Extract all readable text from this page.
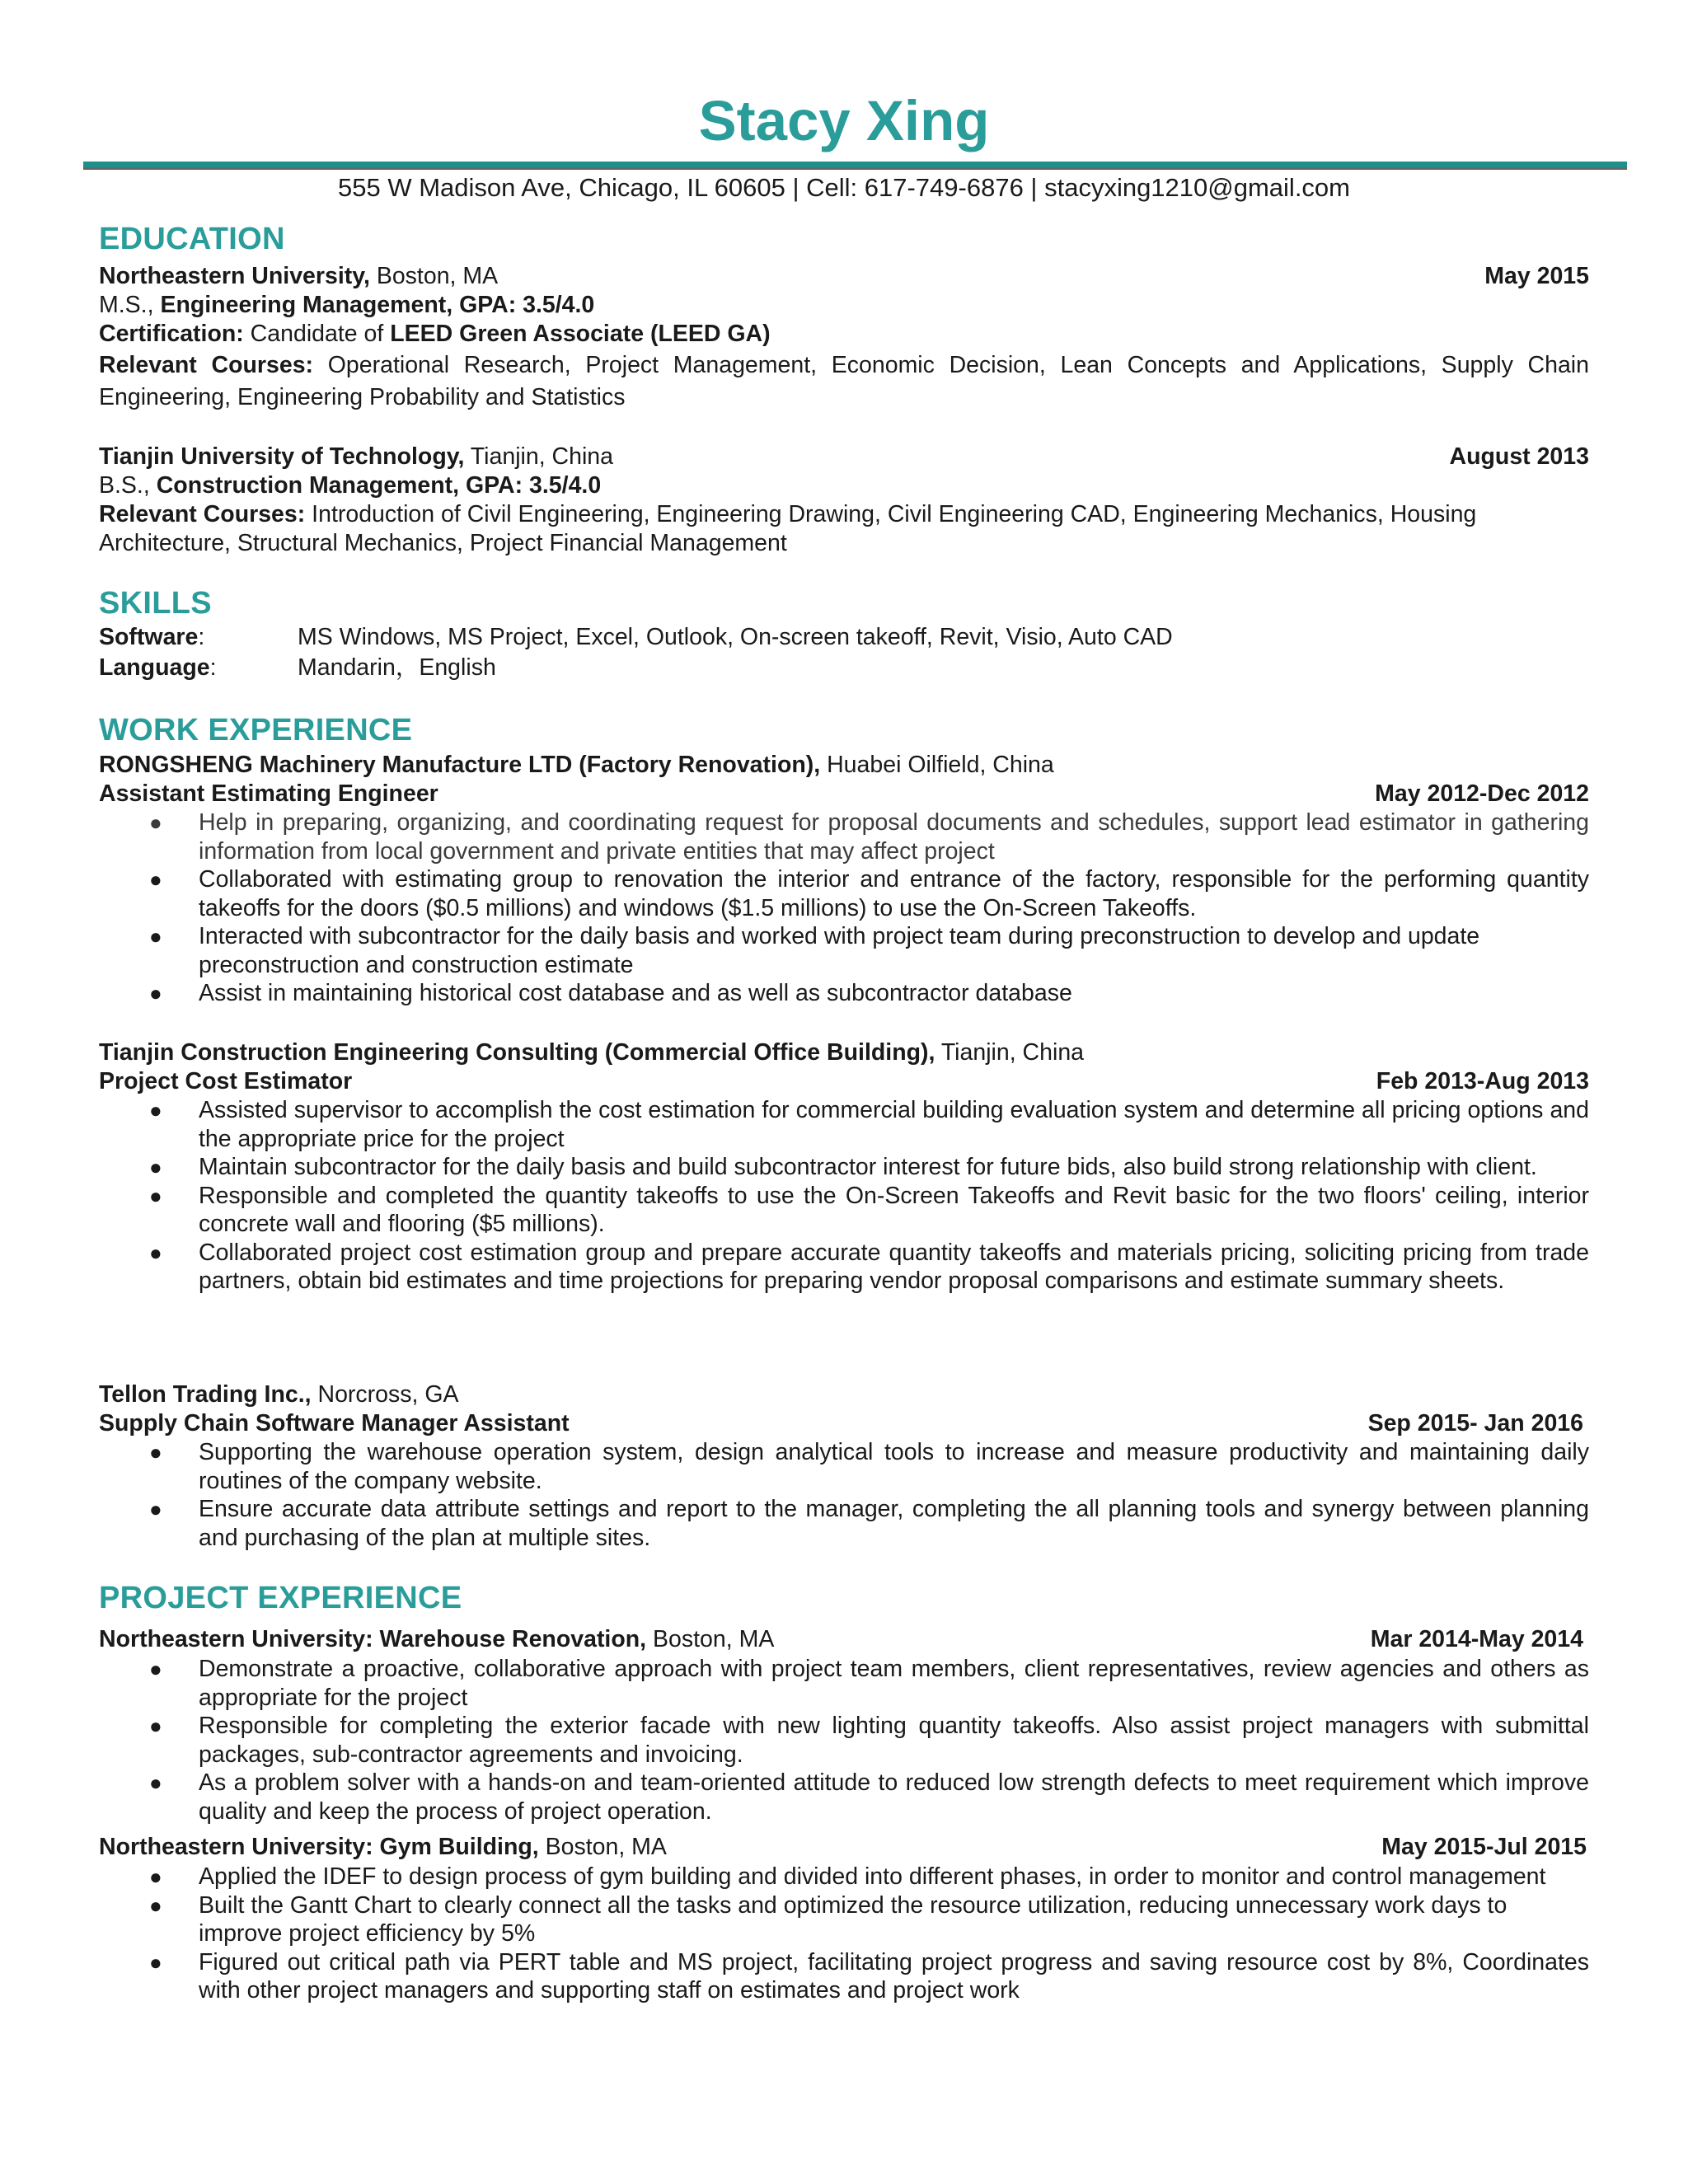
Stacy Xing
555 W Madison Ave, Chicago, IL 60605 | Cell: 617-749-6876 | stacyxing1210@gmail.com
EDUCATION
Northeastern University, Boston, MA	May 2015
M.S., Engineering Management, GPA: 3.5/4.0
Certification: Candidate of LEED Green Associate (LEED GA)
Relevant Courses: Operational Research, Project Management, Economic Decision, Lean Concepts and Applications, Supply Chain Engineering, Engineering Probability and Statistics
Tianjin University of Technology, Tianjin, China	August 2013
B.S., Construction Management, GPA: 3.5/4.0
Relevant Courses: Introduction of Civil Engineering, Engineering Drawing, Civil Engineering CAD, Engineering Mechanics, Housing
Architecture, Structural Mechanics, Project Financial Management
SKILLS
Software:	MS Windows, MS Project, Excel, Outlook, On-screen takeoff, Revit, Visio, Auto CAD
Language:	Mandarin，English
WORK EXPERIENCE
RONGSHENG Machinery Manufacture LTD (Factory Renovation), Huabei Oilfield, China
Assistant Estimating Engineer	May 2012-Dec 2012
● Help in preparing, organizing, and coordinating request for proposal documents and schedules, support lead estimator in gathering information from local government and private entities that may affect project
● Collaborated with estimating group to renovation the interior and entrance of the factory, responsible for the performing quantity takeoffs for the doors ($0.5 millions) and windows ($1.5 millions) to use the On-Screen Takeoffs.
● Interacted with subcontractor for the daily basis and worked with project team during preconstruction to develop and update preconstruction and construction estimate
● Assist in maintaining historical cost database and as well as subcontractor database
Tianjin Construction Engineering Consulting (Commercial Office Building), Tianjin, China
Project Cost Estimator	Feb 2013-Aug 2013
● Assisted supervisor to accomplish the cost estimation for commercial building evaluation system and determine all pricing options and the appropriate price for the project
● Maintain subcontractor for the daily basis and build subcontractor interest for future bids, also build strong relationship with client.
● Responsible and completed the quantity takeoffs to use the On-Screen Takeoffs and Revit basic for the two floors' ceiling, interior concrete wall and flooring ($5 millions).
● Collaborated project cost estimation group and prepare accurate quantity takeoffs and materials pricing, soliciting pricing from trade partners, obtain bid estimates and time projections for preparing vendor proposal comparisons and estimate summary sheets.
Tellon Trading Inc., Norcross, GA
Supply Chain Software Manager Assistant	Sep 2015- Jan 2016
● Supporting the warehouse operation system, design analytical tools to increase and measure productivity and maintaining daily routines of the company website.
● Ensure accurate data attribute settings and report to the manager, completing the all planning tools and synergy between planning and purchasing of the plan at multiple sites.
PROJECT EXPERIENCE
Northeastern University: Warehouse Renovation, Boston, MA	Mar 2014-May 2014
● Demonstrate a proactive, collaborative approach with project team members, client representatives, review agencies and others as appropriate for the project
● Responsible for completing the exterior facade with new lighting quantity takeoffs. Also assist project managers with submittal packages, sub-contractor agreements and invoicing.
● As a problem solver with a hands-on and team-oriented attitude to reduced low strength defects to meet requirement which improve quality and keep the process of project operation.
Northeastern University: Gym Building, Boston, MA	May 2015-Jul 2015
● Applied the IDEF to design process of gym building and divided into different phases, in order to monitor and control management
● Built the Gantt Chart to clearly connect all the tasks and optimized the resource utilization, reducing unnecessary work days to improve project efficiency by 5%
● Figured out critical path via PERT table and MS project, facilitating project progress and saving resource cost by 8%, Coordinates with other project managers and supporting staff on estimates and project work
